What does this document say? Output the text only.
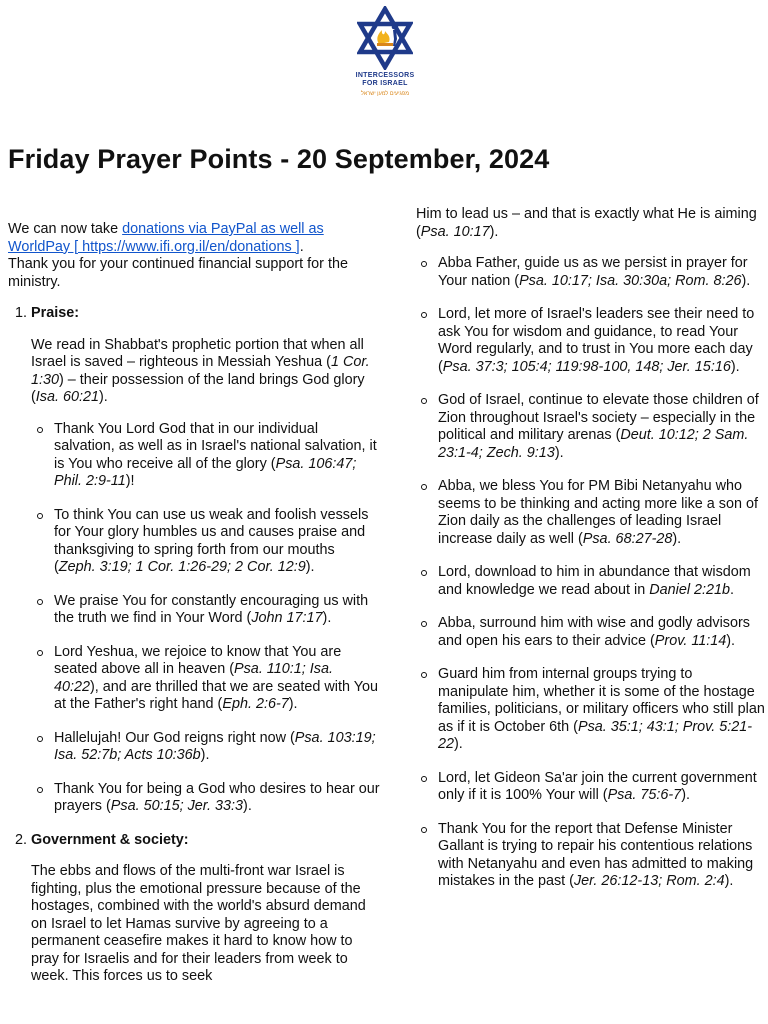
INTERCESSORS
FOR ISRAEL
מפגיעים למען ישראל
Friday Prayer Points - 20 September, 2024

We can now take donations via PayPal as well as WorldPay [ https://www.ifi.org.il/en/donations ].

Thank you for your continued financial support for the ministry.

1. Praise:

We read in Shabbat's prophetic portion that when all Israel is saved – righteous in Messiah Yeshua (1 Cor. 1:30) – their possession of the land brings God glory (Isa. 60:21).

Thank You Lord God that in our individual salvation, as well as in Israel's national salvation, it is You who receive all of the glory (Psa. 106:47; Phil. 2:9-11)!
To think You can use us weak and foolish vessels for Your glory humbles us and causes praise and thanksgiving to spring forth from our mouths (Zeph. 3:19; 1 Cor. 1:26-29; 2 Cor. 12:9).
We praise You for constantly encouraging us with the truth we find in Your Word (John 17:17).
Lord Yeshua, we rejoice to know that You are seated above all in heaven (Psa. 110:1; Isa. 40:22), and are thrilled that we are seated with You at the Father's right hand (Eph. 2:6-7).
Hallelujah! Our God reigns right now (Psa. 103:19; Isa. 52:7b; Acts 10:36b).
Thank You for being a God who desires to hear our prayers (Psa. 50:15; Jer. 33:3).
2. Government & society:

The ebbs and flows of the multi-front war Israel is fighting, plus the emotional pressure because of the hostages, combined with the world's absurd demand on Israel to let Hamas survive by agreeing to a permanent ceasefire makes it hard to know how to pray for Israelis and for their leaders from week to week. This forces us to seek

Him to lead us – and that is exactly what He is aiming (Psa. 10:17).

Abba Father, guide us as we persist in prayer for Your nation (Psa. 10:17; Isa. 30:30a; Rom. 8:26).
Lord, let more of Israel's leaders see their need to ask You for wisdom and guidance, to read Your Word regularly, and to trust in You more each day (Psa. 37:3; 105:4; 119:98-100, 148; Jer. 15:16).
God of Israel, continue to elevate those children of Zion throughout Israel's society – especially in the political and military arenas (Deut. 10:12; 2 Sam. 23:1-4; Zech. 9:13).
Abba, we bless You for PM Bibi Netanyahu who seems to be thinking and acting more like a son of Zion daily as the challenges of leading Israel increase daily as well (Psa. 68:27-28).
Lord, download to him in abundance that wisdom and knowledge we read about in Daniel 2:21b.
Abba, surround him with wise and godly advisors and open his ears to their advice (Prov. 11:14).
Guard him from internal groups trying to manipulate him, whether it is some of the hostage families, politicians, or military officers who still plan as if it is October 6th (Psa. 35:1; 43:1; Prov. 5:21-22).
Lord, let Gideon Sa'ar join the current government only if it is 100% Your will (Psa. 75:6-7).
Thank You for the report that Defense Minister Gallant is trying to repair his contentious relations with Netanyahu and even has admitted to making mistakes in the past (Jer. 26:12-13; Rom. 2:4).
